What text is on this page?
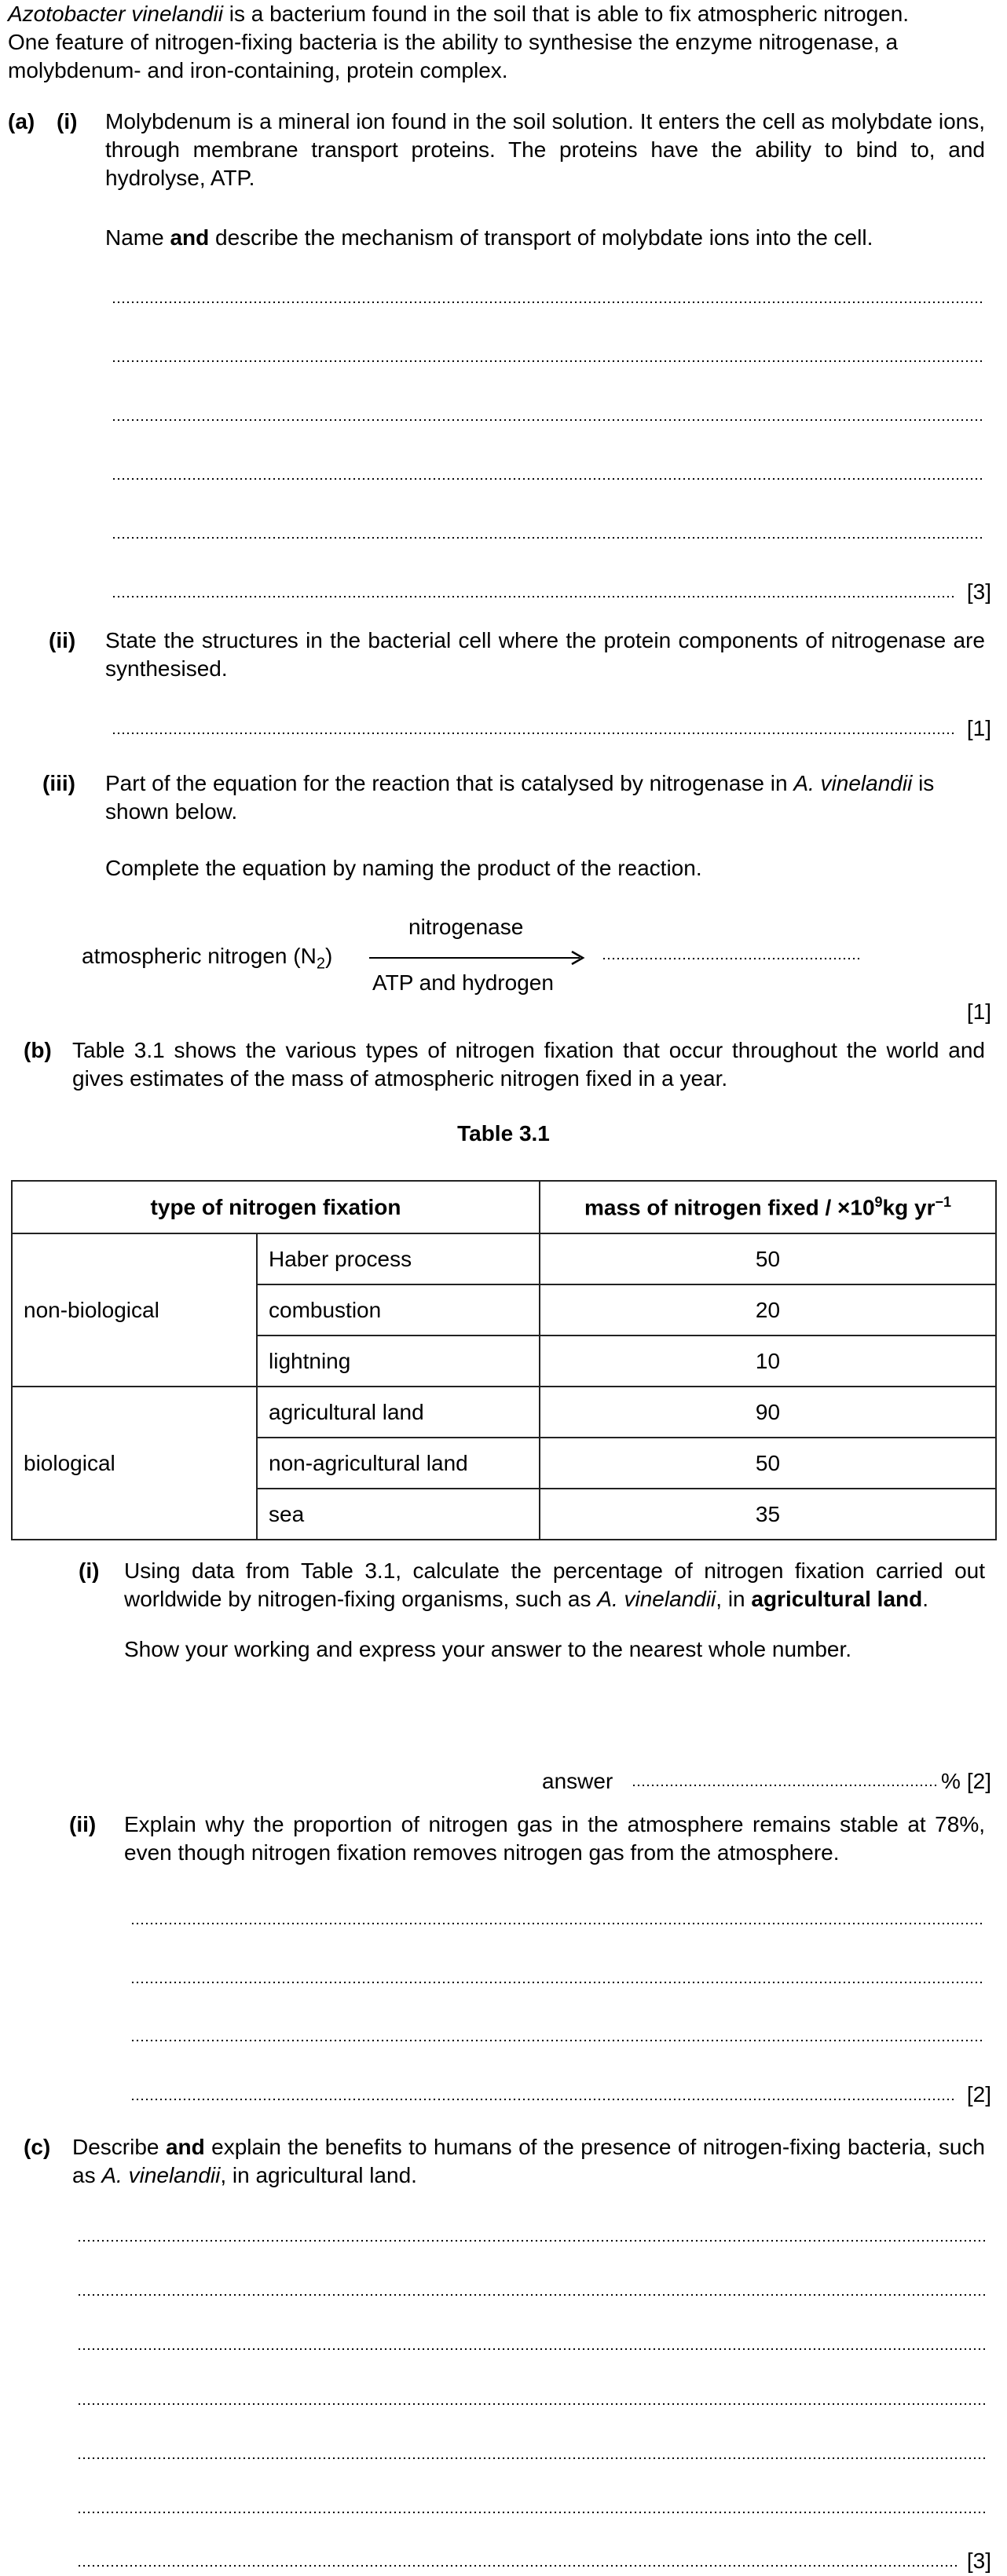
Azotobacter vinelandii is a bacterium found in the soil that is able to fix atmospheric nitrogen.
One feature of nitrogen-fixing bacteria is the ability to synthesise the enzyme nitrogenase, a
molybdenum- and iron-containing, protein complex.
(a) (i) Molybdenum is a mineral ion found in the soil solution. It enters the cell as molybdate ions, through membrane transport proteins. The proteins have the ability to bind to, and hydrolyse, ATP.
Name and describe the mechanism of transport of molybdate ions into the cell.
[3]
(ii) State the structures in the bacterial cell where the protein components of nitrogenase are synthesised.
[1]
(iii) Part of the equation for the reaction that is catalysed by nitrogenase in A. vinelandii is shown below.
Complete the equation by naming the product of the reaction.
atmospheric nitrogen $(N_2)$
nitrogenase
ATP and hydrogen
[1]
(b) Table 3.1 shows the various types of nitrogen fixation that occur throughout the world and gives estimates of the mass of atmospheric nitrogen fixed in a year.
Table 3.1
type of nitrogen fixation		mass of nitrogen fixed / $\times 10^9kg$ $yr^{-1}$
non-biological	Haber process	50
	combustion	20
	lightning	10
biological	agricultural land	90
	non-agricultural land	50
	sea	35
(i) Using data from Table 3.1, calculate the percentage of nitrogen fixation carried out worldwide by nitrogen-fixing organisms, such as A. vinelandii, in agricultural land.
Show your working and express your answer to the nearest whole number.
answer	% [2]
(ii) Explain why the proportion of nitrogen gas in the atmosphere remains stable at 78%, even though nitrogen fixation removes nitrogen gas from the atmosphere.
[2]
(c) Describe and explain the benefits to humans of the presence of nitrogen-fixing bacteria, such as A. vinelandii, in agricultural land.
[3]
